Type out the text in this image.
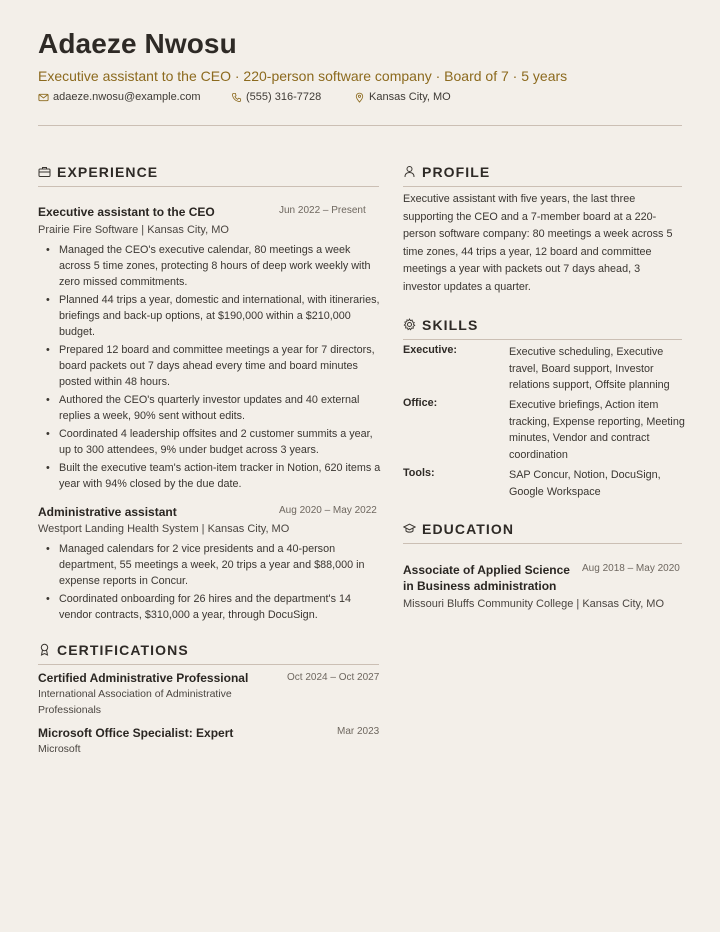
Adaeze Nwosu
Executive assistant to the CEO · 220-person software company · Board of 7 · 5 years
adaeze.nwosu@example.com	(555) 316-7728	Kansas City, MO
EXPERIENCE
Executive assistant to the CEO	Jun 2022 – Present
Prairie Fire Software | Kansas City, MO
• Managed the CEO's executive calendar, 80 meetings a week across 5 time zones, protecting 8 hours of deep work weekly with zero missed commitments.
• Planned 44 trips a year, domestic and international, with itineraries, briefings and back-up options, at $190,000 within a $210,000 budget.
• Prepared 12 board and committee meetings a year for 7 directors, board packets out 7 days ahead every time and board minutes posted within 48 hours.
• Authored the CEO's quarterly investor updates and 40 external replies a week, 90% sent without edits.
• Coordinated 4 leadership offsites and 2 customer summits a year, up to 300 attendees, 9% under budget across 3 years.
• Built the executive team's action-item tracker in Notion, 620 items a year with 94% closed by the due date.
Administrative assistant	Aug 2020 – May 2022
Westport Landing Health System | Kansas City, MO
• Managed calendars for 2 vice presidents and a 40-person department, 55 meetings a week, 20 trips a year and $88,000 in expense reports in Concur.
• Coordinated onboarding for 26 hires and the department's 14 vendor contracts, $310,000 a year, through DocuSign.
CERTIFICATIONS
Certified Administrative Professional	Oct 2024 – Oct 2027
International Association of Administrative Professionals
Microsoft Office Specialist: Expert	Mar 2023
Microsoft
PROFILE
Executive assistant with five years, the last three supporting the CEO and a 7-member board at a 220-person software company: 80 meetings a week across 5 time zones, 44 trips a year, 12 board and committee meetings a year with packets out 7 days ahead, 3 investor updates a quarter.
SKILLS
Executive:	Executive scheduling, Executive travel, Board support, Investor relations support, Offsite planning
Office:	Executive briefings, Action item tracking, Expense reporting, Meeting minutes, Vendor and contract coordination
Tools:	SAP Concur, Notion, DocuSign, Google Workspace
EDUCATION
Associate of Applied Science in Business administration
Aug 2018 – May 2020
Missouri Bluffs Community College | Kansas City, MO
